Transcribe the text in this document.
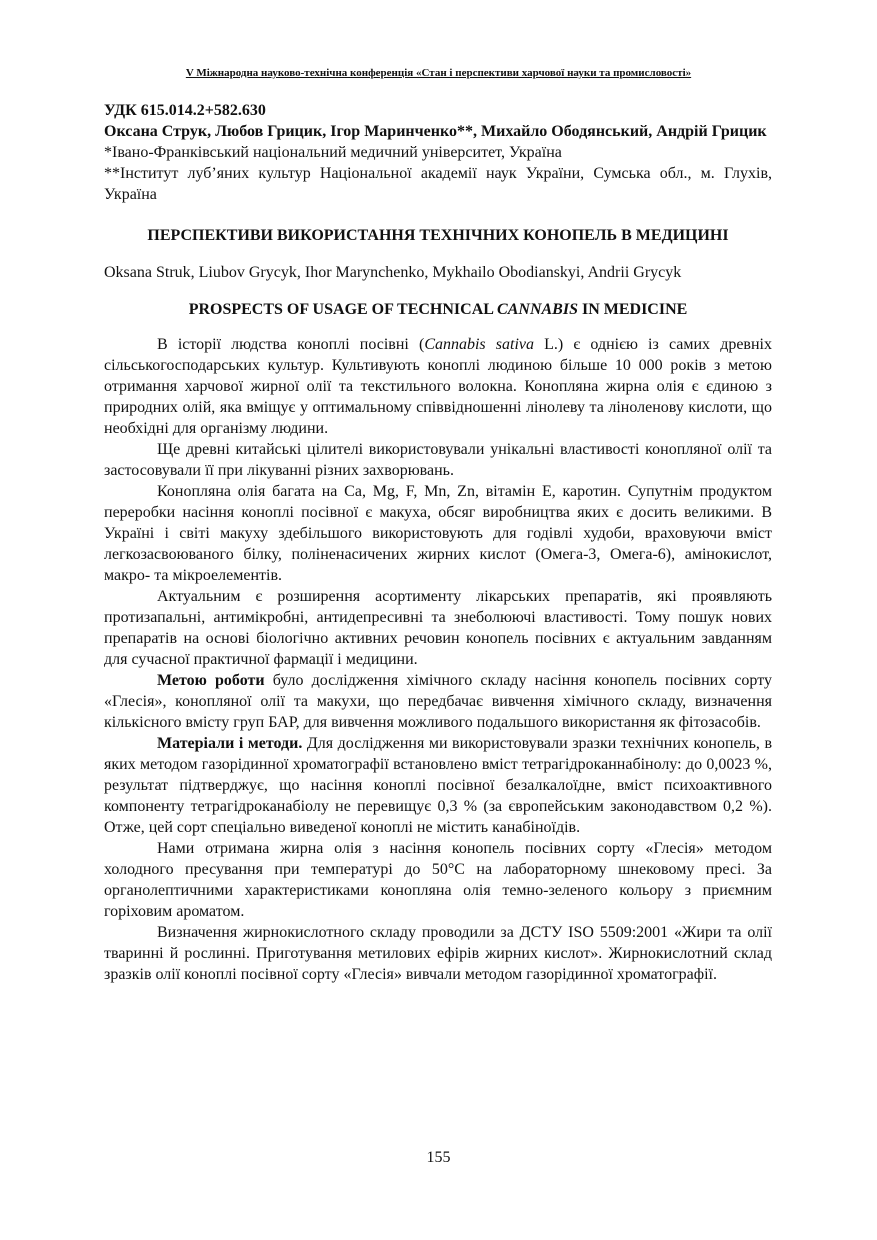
V Міжнародна науково-технічна конференція «Стан і перспективи харчової науки та промисловості»
УДК 615.014.2+582.630
Оксана Струк, Любов Грицик, Ігор Маринченко**, Михайло Ободянський, Андрій Грицик
*Івано-Франківський національний медичний університет, Україна
**Інститут луб’яних культур Національної академії наук України, Сумська обл., м. Глухів, Україна
ПЕРСПЕКТИВИ ВИКОРИСТАННЯ ТЕХНІЧНИХ КОНОПЕЛЬ В МЕДИЦИНІ
Oksana Struk, Liubov Grycyk, Ihor Marynchenko, Mykhailo Obodianskyi, Andrii Grycyk
PROSPECTS OF USAGE OF TECHNICAL CANNABIS IN MEDICINE

В історії людства коноплі посівні (Cannabis sativa L.) є однією із самих древніх сільськогосподарських культур. Культивують коноплі людиною більше 10 000 років з метою отримання харчової жирної олії та текстильного волокна. Конопляна жирна олія є єдиною з природних олій, яка вміщує у оптимальному співвідношенні лінолеву та ліноленову кислоти, що необхідні для організму людини.

Ще древні китайські цілителі використовували унікальні властивості конопляної олії та застосовували її при лікуванні різних захворювань.

Конопляна олія багата на Ca, Mg, F, Mn, Zn, вітамін Е, каротин. Супутнім продуктом переробки насіння коноплі посівної є макуха, обсяг виробництва яких є досить великими. В Україні і світі макуху здебільшого використовують для годівлі худоби, враховуючи вміст легкозасвоюваного білку, поліненасичених жирних кислот (Омега-3, Омега-6), амінокислот, макро- та мікроелементів.

Актуальним є розширення асортименту лікарських препаратів, які проявляють протизапальні, антимікробні, антидепресивні та знеболюючі властивості. Тому пошук нових препаратів на основі біологічно активних речовин конопель посівних є актуальним завданням для сучасної практичної фармації і медицини.

Метою роботи було дослідження хімічного складу насіння конопель посівних сорту «Глесія», конопляної олії та макухи, що передбачає вивчення хімічного складу, визначення кількісного вмісту груп БАР, для вивчення можливого подальшого використання як фітозасобів.

Матеріали і методи. Для дослідження ми використовували зразки технічних конопель, в яких методом газорідинної хроматографії встановлено вміст тетрагідроканнабінолу: до 0,0023 %, результат підтверджує, що насіння коноплі посівної безалкалоїдне, вміст психоактивного компоненту тетрагідроканабіолу не перевищує 0,3 % (за європейським законодавством 0,2 %). Отже, цей сорт спеціально виведеної коноплі не містить канабіноїдів.

Нами отримана жирна олія з насіння конопель посівних сорту «Глесія» методом холодного пресування при температурі до 50°С на лабораторному шнековому пресі. За органолептичними характеристиками конопляна олія темно-зеленого кольору з приємним горіховим ароматом.

Визначення жирнокислотного складу проводили за ДСТУ ISO 5509:2001 «Жири та олії тваринні й рослинні. Приготування метилових ефірів жирних кислот». Жирнокислотний склад зразків олії коноплі посівної сорту «Глесія» вивчали методом газорідинної хроматографії.

155
